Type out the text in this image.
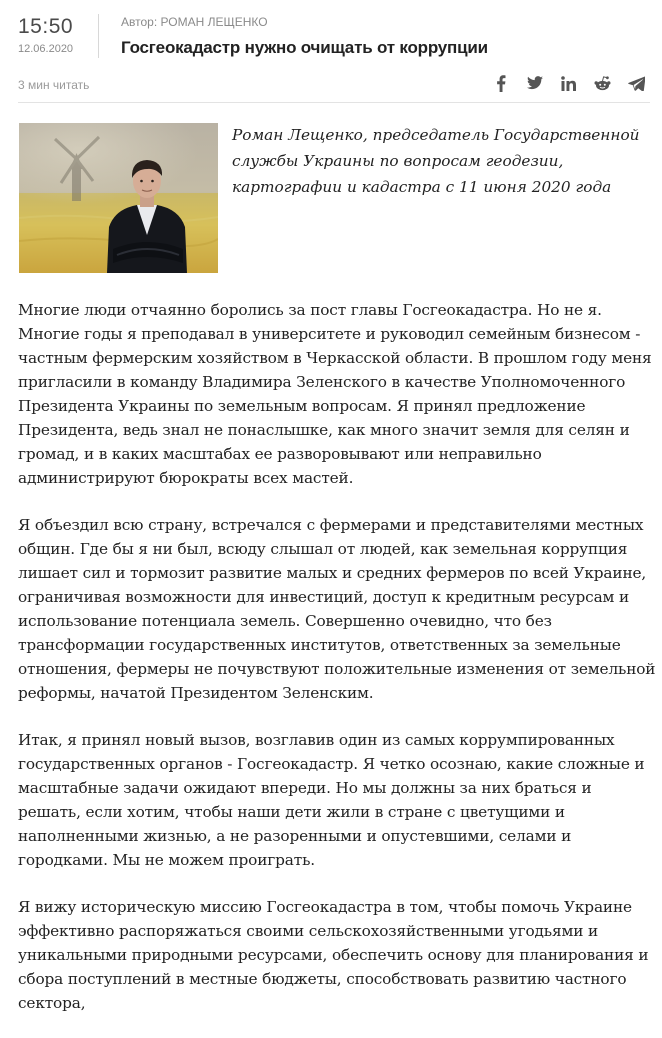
15:50
12.06.2020
Автор: РОМАН ЛЕЩЕНКО
Госгеокадастр нужно очищать от коррупции
3 мин читать
Роман Лещенко, председатель Государственной службы Украины по вопросам геодезии, картографии и кадастра с 11 июня 2020 года

Многие люди отчаянно боролись за пост главы Госгеокадастра. Но не я. Многие годы я преподавал в университете и руководил семейным бизнесом - частным фермерским хозяйством в Черкасской области. В прошлом году меня пригласили в команду Владимира Зеленского в качестве Уполномоченного Президента Украины по земельным вопросам. Я принял предложение Президента, ведь знал не понаслышке, как много значит земля для селян и громад, и в каких масштабах ее разворовывают или неправильно администрируют бюрократы всех мастей.

Я объездил всю страну, встречался с фермерами и представителями местных общин. Где бы я ни был, всюду слышал от людей, как земельная коррупция лишает сил и тормозит развитие малых и средних фермеров по всей Украине, ограничивая возможности для инвестиций, доступ к кредитным ресурсам и использование потенциала земель. Совершенно очевидно, что без трансформации государственных институтов, ответственных за земельные отношения, фермеры не почувствуют положительные изменения от земельной реформы, начатой Президентом Зеленским.

Итак, я принял новый вызов, возглавив один из самых коррумпированных государственных органов - Госгеокадастр. Я четко осознаю, какие сложные и масштабные задачи ожидают впереди. Но мы должны за них браться и решать, если хотим, чтобы наши дети жили в стране с цветущими и наполненными жизнью, а не разоренными и опустевшими, селами и городками. Мы не можем проиграть.

Я вижу историческую миссию Госгеокадастра в том, чтобы помочь Украине эффективно распоряжаться своими сельскохозяйственными угодьями и уникальными природными ресурсами, обеспечить основу для планирования и сбора поступлений в местные бюджеты, способствовать развитию частного сектора,
